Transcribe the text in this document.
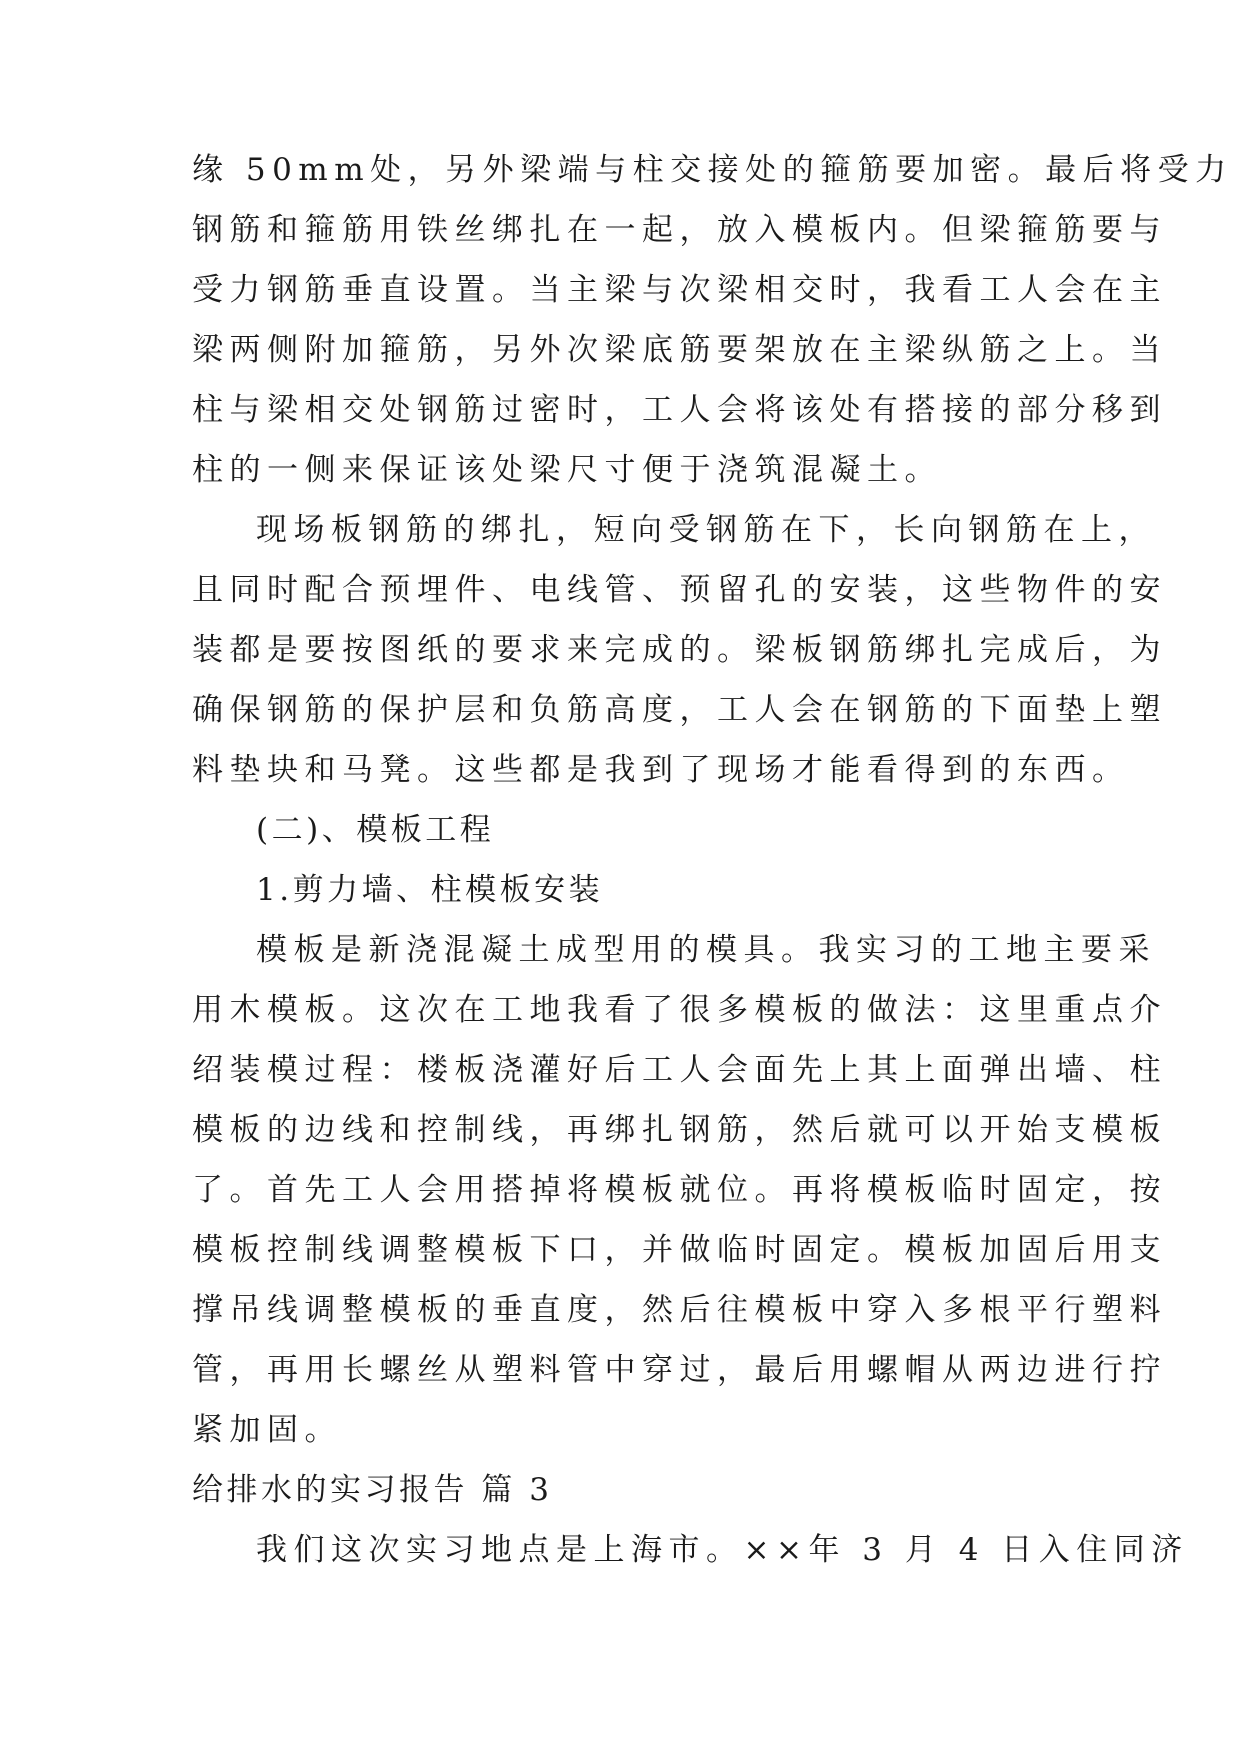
缘 50mm处，另外梁端与柱交接处的箍筋要加密。最后将受力
钢筋和箍筋用铁丝绑扎在一起，放入模板内。但梁箍筋要与
受力钢筋垂直设置。当主梁与次梁相交时，我看工人会在主
梁两侧附加箍筋，另外次梁底筋要架放在主梁纵筋之上。当
柱与梁相交处钢筋过密时，工人会将该处有搭接的部分移到
柱的一侧来保证该处梁尺寸便于浇筑混凝土。
现场板钢筋的绑扎，短向受钢筋在下，长向钢筋在上，
且同时配合预埋件、电线管、预留孔的安装，这些物件的安
装都是要按图纸的要求来完成的。梁板钢筋绑扎完成后，为
确保钢筋的保护层和负筋高度，工人会在钢筋的下面垫上塑
料垫块和马凳。这些都是我到了现场才能看得到的东西。
(二)、模板工程
1.剪力墙、柱模板安装
模板是新浇混凝土成型用的模具。我实习的工地主要采
用木模板。这次在工地我看了很多模板的做法：这里重点介
绍装模过程：楼板浇灌好后工人会面先上其上面弹出墙、柱
模板的边线和控制线，再绑扎钢筋，然后就可以开始支模板
了。首先工人会用搭掉将模板就位。再将模板临时固定，按
模板控制线调整模板下口，并做临时固定。模板加固后用支
撑吊线调整模板的垂直度，然后往模板中穿入多根平行塑料
管，再用长螺丝从塑料管中穿过，最后用螺帽从两边进行拧
紧加固。
给排水的实习报告 篇 3
我们这次实习地点是上海市。××年 3 月 4 日入住同济
